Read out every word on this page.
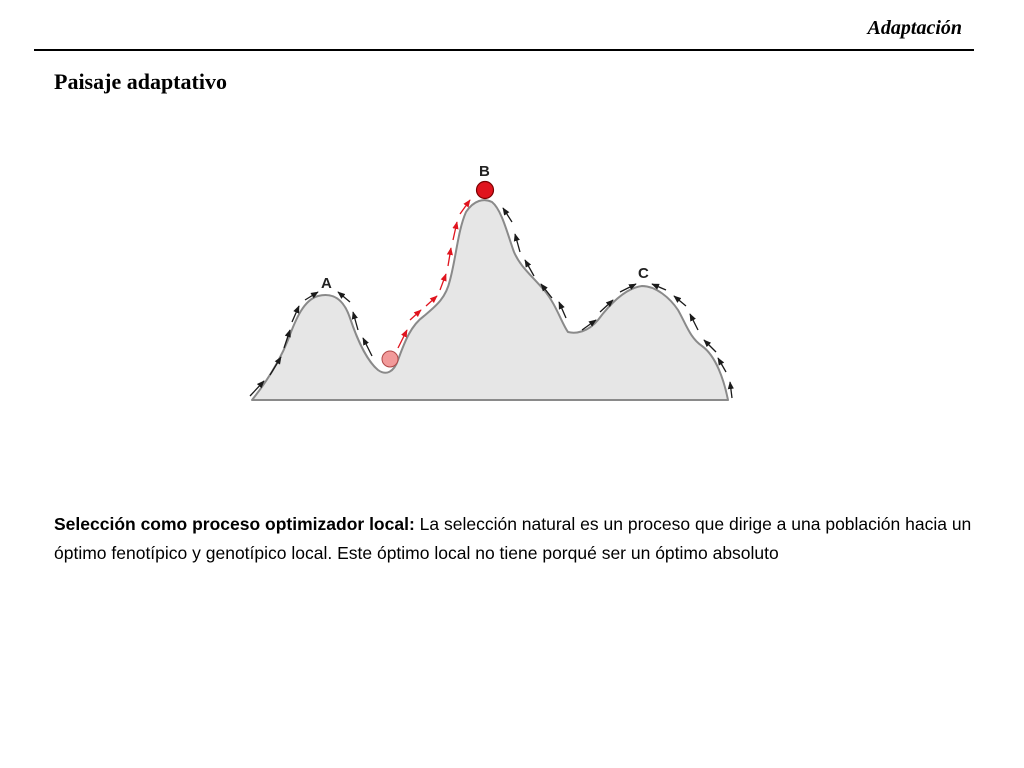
Adaptación
Paisaje adaptativo
A
B
C
Selección como proceso optimizador local: La selección natural es un proceso que dirige a una población hacia un óptimo fenotípico y genotípico local. Este óptimo local no tiene porqué ser un óptimo absoluto
